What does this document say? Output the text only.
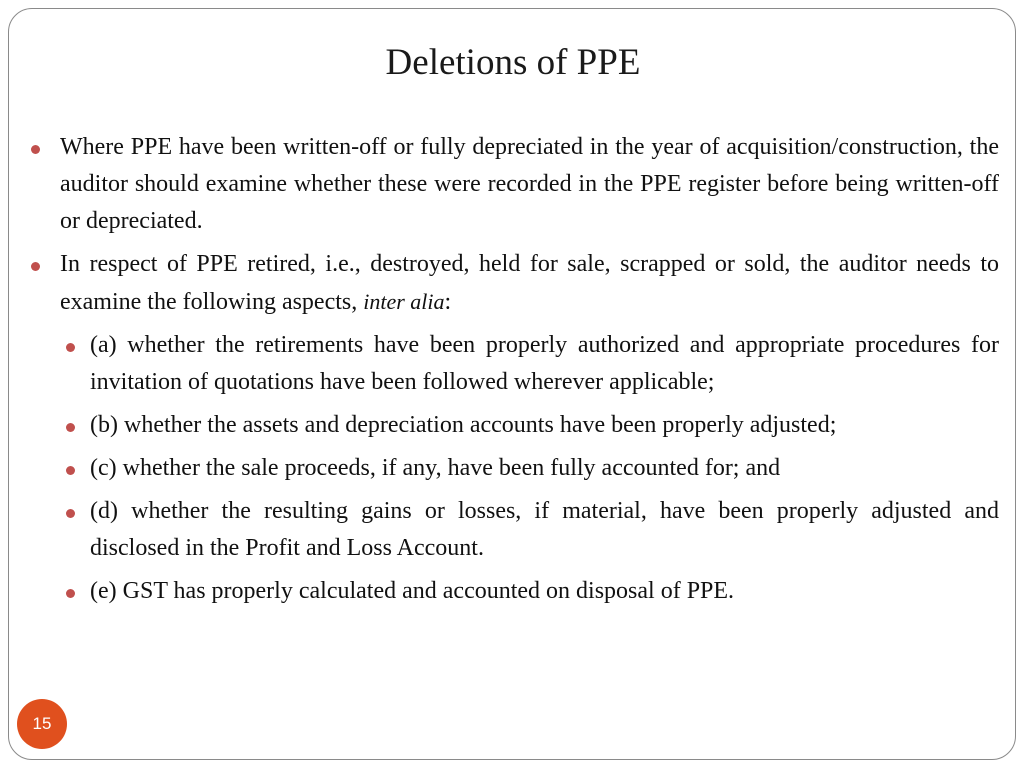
Deletions of PPE
Where PPE have been written-off or fully depreciated in the year of acquisition/construction, the auditor should examine whether these were recorded in the PPE register before being written-off or depreciated.
In respect of PPE retired, i.e., destroyed, held for sale, scrapped or sold, the auditor needs to examine the following aspects, inter alia:
(a) whether the retirements have been properly authorized and appropriate procedures for invitation of quotations have been followed wherever applicable;
(b) whether the assets and depreciation accounts have been properly adjusted;
(c) whether the sale proceeds, if any, have been fully accounted for; and
(d) whether the resulting gains or losses, if material, have been properly adjusted and disclosed in the Profit and Loss Account.
(e) GST has properly calculated and accounted on disposal of PPE.
15
